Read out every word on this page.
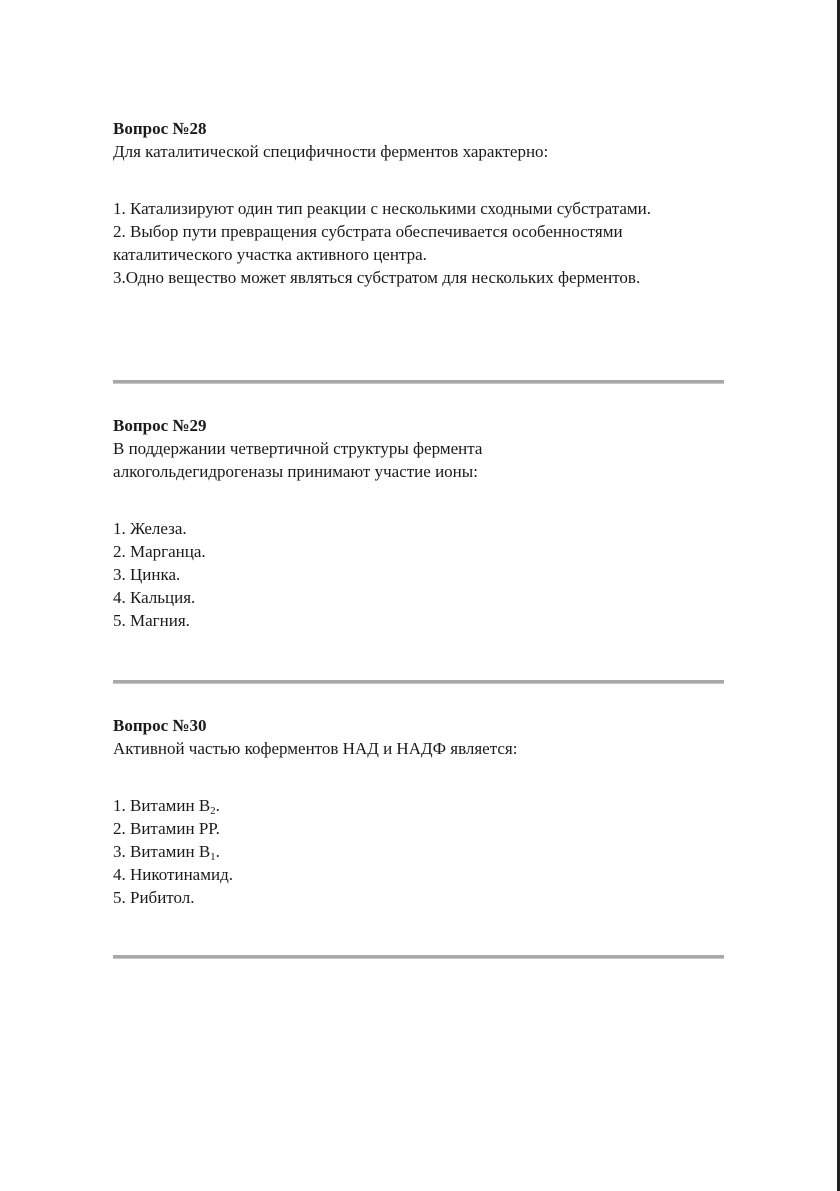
Вопрос №28

Для каталитической специфичности ферментов характерно:

1. Катализируют один тип реакции с несколькими сходными субстратами.
2. Выбор пути превращения субстрата обеспечивается особенностями каталитического участка активного центра.
3.Одно вещество может являться субстратом для нескольких ферментов.

Вопрос №29

В поддержании четвертичной структуры фермента алкогольдегидрогеназы принимают участие ионы:

1. Железа.
2. Марганца.
3. Цинка.
4. Кальция.
5. Магния.

Вопрос №30

Активной частью коферментов НАД и НАДФ является:

1. Витамин $В_2$.
2. Витамин РР.
3. Витамин $В_1$.
4. Никотинамид.
5. Рибитол.
